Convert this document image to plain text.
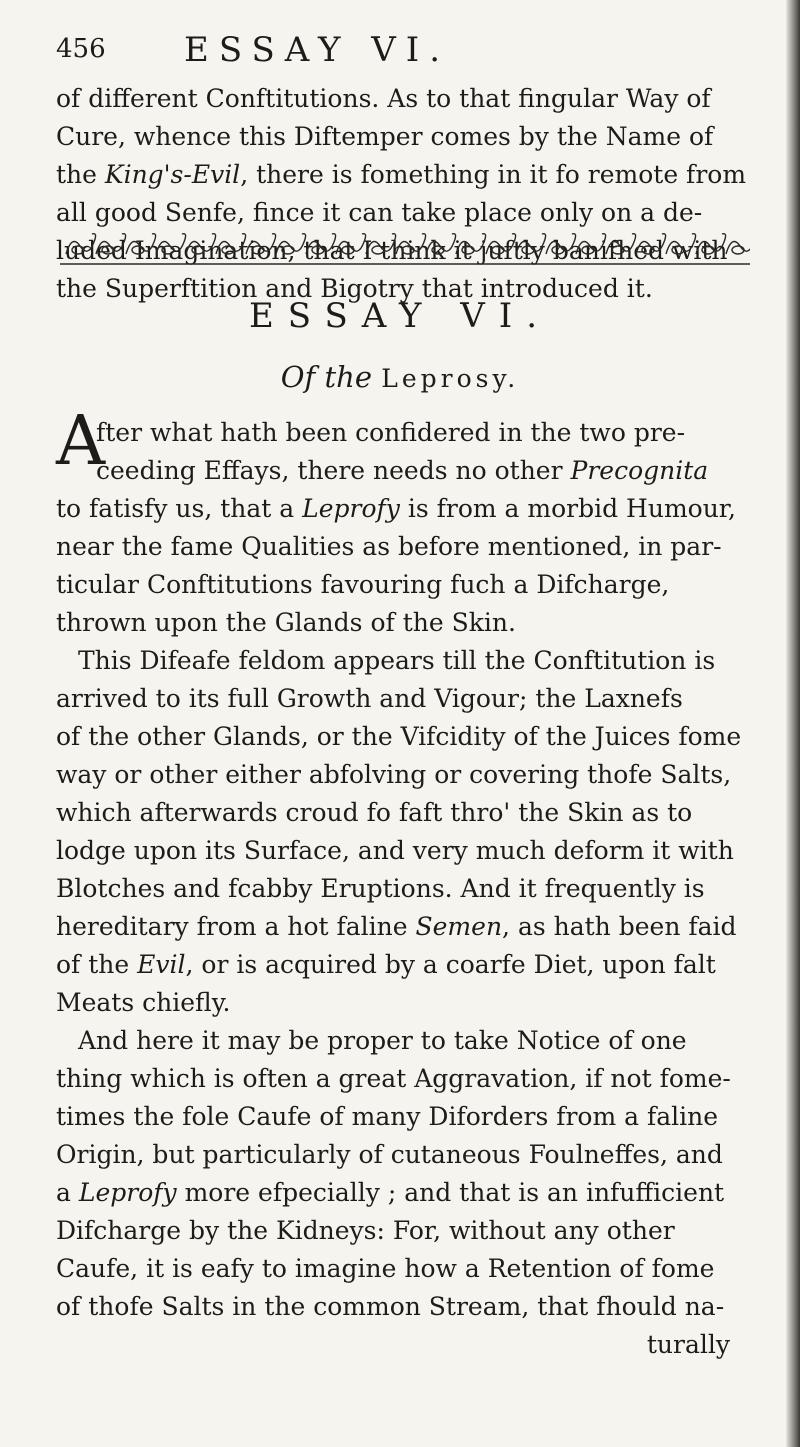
456 ESSAY VI.
of different Conftitutions. As to that fingular Way of
Cure, whence this Diftemper comes by the Name of
the King's-Evil, there is fomething in it fo remote from
all good Senfe, fince it can take place only on a de-
luded Imagination, that I think it juftly banifhed with
the Superftition and Bigotry that introduced it.
ESSAY VI.
Of the Leprosy.
A
fter what hath been confidered in the two pre-
ceeding Effays, there needs no other Precognita
to fatisfy us, that a Leprofy is from a morbid Humour,
near the fame Qualities as before mentioned, in par-
ticular Conftitutions favouring fuch a Difcharge,
thrown upon the Glands of the Skin.
This Difeafe feldom appears till the Conftitution is
arrived to its full Growth and Vigour; the Laxnefs
of the other Glands, or the Vifcidity of the Juices fome
way or other either abfolving or covering thofe Salts,
which afterwards croud fo faft thro' the Skin as to
lodge upon its Surface, and very much deform it with
Blotches and fcabby Eruptions. And it frequently is
hereditary from a hot faline Semen, as hath been faid
of the Evil, or is acquired by a coarfe Diet, upon falt
Meats chiefly.
And here it may be proper to take Notice of one
thing which is often a great Aggravation, if not fome-
times the fole Caufe of many Diforders from a faline
Origin, but particularly of cutaneous Foulneffes, and
a Leprofy more efpecially ; and that is an infufficient
Difcharge by the Kidneys: For, without any other
Caufe, it is eafy to imagine how a Retention of fome
of thofe Salts in the common Stream, that fhould na-
turally
